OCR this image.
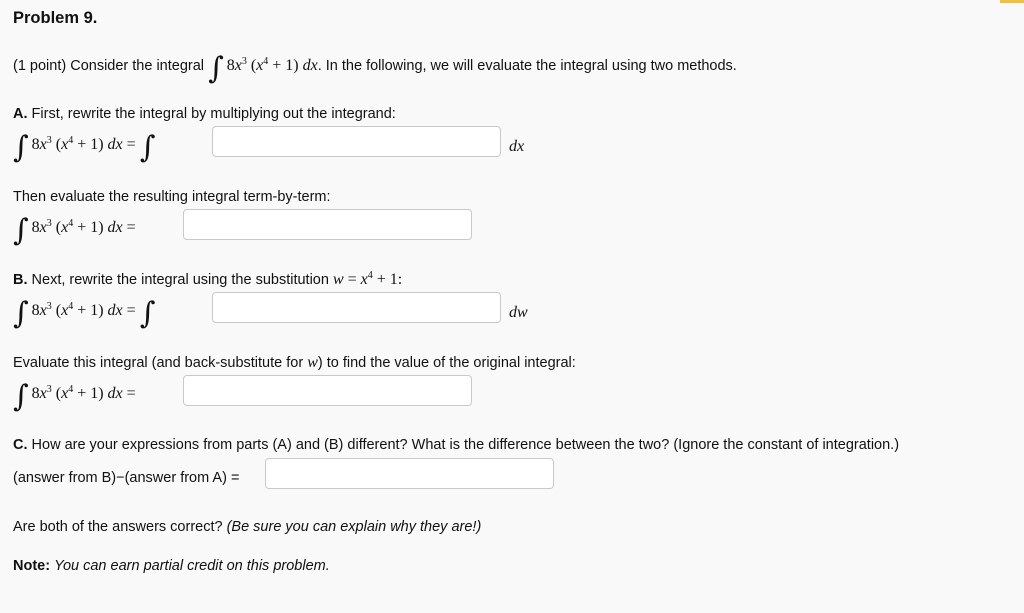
Problem 9.
(1 point) Consider the integral ∫ $8x^3$ $(x^4 + 1)$ dx. In the following, we will evaluate the integral using two methods.
A. First, rewrite the integral by multiplying out the integrand:
∫ $8x^3$ $(x^4 + 1)$ dx = ∫	dx
Then evaluate the resulting integral term-by-term:
∫ $8x^3$ $(x^4 + 1)$ dx =
B. Next, rewrite the integral using the substitution $w = x^4 + 1$:
∫ $8x^3$ $(x^4 + 1)$ dx = ∫	dw
Evaluate this integral (and back-substitute for w) to find the value of the original integral:
∫ $8x^3$ $(x^4 + 1)$ dx =
C. How are your expressions from parts (A) and (B) different? What is the difference between the two? (Ignore the constant of integration.)
(answer from B)−(answer from A) =
Are both of the answers correct? (Be sure you can explain why they are!)
Note: You can earn partial credit on this problem.
